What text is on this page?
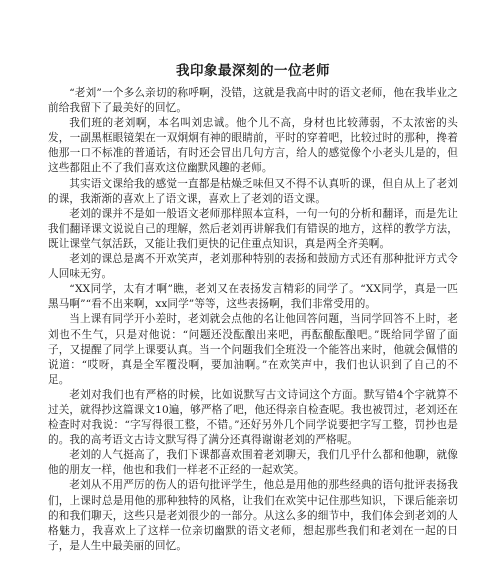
我印象最深刻的一位老师

“老刘”一个多么亲切的称呼啊，没错，这就是我高中时的语文老师，他在我毕业之前给我留下了最美好的回忆。

我们班的老刘啊，本名叫刘忠诚。他个儿不高，身材也比较薄弱，不太浓密的头发，一副黑框眼镜架在一双炯炯有神的眼睛前，平时的穿着吧，比较过时的那种，搀着他那一口不标准的普通话，有时还会冒出几句方言，给人的感觉像个小老头儿是的，但这些都阻止不了我们喜欢这位幽默风趣的老师。

其实语文课给我的感觉一直都是枯燥乏味但又不得不认真听的课，但自从上了老刘的课，我渐渐的喜欢上了语文课，喜欢上了老刘的语文课。

老刘的课并不是如一般语文老师那样照本宣科，一句一句的分析和翻译，而是先让我们翻译课文说说自己的理解，然后老刘再讲解我们有错误的地方，这样的教学方法，既让课堂气氛活跃，又能让我们更快的记住重点知识，真是两全齐美啊。

老刘的课总是离不开欢笑声，老刘那种特别的表扬和鼓励方式还有那种批评方式令人回味无穷。

“XX同学，太有才啊”瞧，老刘又在表扬发言精彩的同学了。“XX同学，真是一匹黑马啊”“看不出来啊，xx同学”等等，这些表扬啊，我们非常受用的。

当上课有同学开小差时，老刘就会点他的名让他回答问题，当同学回答不上时，老刘也不生气，只是对他说：“问题还没酝酿出来吧，再酝酿酝酿吧。”既给同学留了面子，又提醒了同学上课要认真。当一个问题我们全班没一个能答出来时，他就会佩惜的说道：“哎呀，真是全军覆没啊，要加油啊。”在欢笑声中，我们也认识到了自己的不足。

老刘对我们也有严格的时候，比如说默写古文诗词这个方面。默写错4个字就算不过关，就得抄这篇课文10遍，够严格了吧，他还得亲自检查呢。我也被罚过，老刘还在检查时对我说：“字写得很工整，不错。”还好另外几个同学说要把字写工整，罚抄也是的。我的高考语文古诗文默写得了满分还真得谢谢老刘的严格呢。

老刘的人气挺高了，我们下课都喜欢围着老刘聊天，我们几乎什么都和他聊，就像他的朋友一样，他也和我们一样老不正经的一起欢笑。

老刘从不用严厉的伤人的语句批评学生，他总是用他的那些经典的语句批评表扬我们，上课时总是用他的那种独特的风格，让我们在欢笑中记住那些知识，下课后能亲切的和我们聊天，这些只是老刘很少的一部分。从这么多的细节中，我们体会到老刘的人格魅力，我喜欢上了这样一位亲切幽默的语文老师，想起那些我们和老刘在一起的日子，是人生中最美丽的回忆。
